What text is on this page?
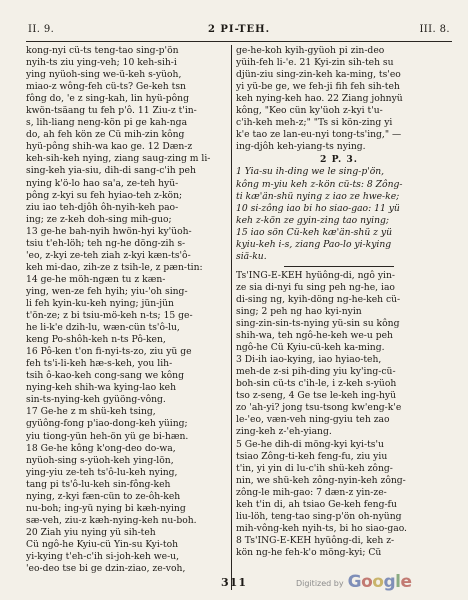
II. 9.	2 PI-TEH.	III. 8.
kong-nyi cü-ts teng-tao sing-p'ön
nyih-ts ziu ying-veh; 10 keh-sih-i
ying nyüoh-sing we-ü-keh s-yüoh,
miao-z wông-feh cü-ts? Ge-keh tsn
fông do, 'e z sing-kah, lin hyü-pông
kwön-tsäang tu feh p'ô. 11 Ziu-z t'in-
s, lih-liang neng-kön pi ge kah-nga
do, ah feh kön ze Cü mih-zin kông
hyü-pông shih-wa kao ge. 12 Dæn-z
keh-sih-keh nying, ziang saug-zing m li-
sing-keh yia-siu, dih-di sang-c'ih peh
nying k'ö-lo hao sa'a, ze-teh hyü-
pông z-kyi su feh hyiao-teh z-kön;
ziu iao teh-djôh ôh-nyih-keh pao-
ing; ze z-keh doh-sing mih-guo;
13 ge-he bah-nyih hwön-hyi ky'üoh-
tsiu t'eh-löh; teh ng-he döng-zih s-
'eo, z-kyi ze-teh ziah z-kyi kæn-ts'ô-
keh mi-dao, zih-ze z tsih-le, z pæn-tin:
14 ge-he möh-ngæn tu z kæn-
ying, wen-ze feh hyih; yiu-'oh sing-
li feh kyin-ku-keh nying; jün-jün
t'ön-ze; z bi tsiu-mö-keh n-ts; 15 ge-
he li-k'e dzih-lu, wæn-cün ts'ô-lu,
keng Po-shôh-keh n-ts Pô-ken,
16 Pô-ken t'on fi-nyi-ts-zo, ziu yü ge
feh ts'i-li-keh hæ-s-keh, you lih-
tsih ô-kao-keh cong-sang we kông
nying-keh shih-wa kying-lao keh
sin-ts-nying-keh gyüöng-vông.
17 Ge-he z m shü-keh tsing,
gyüông-fong p'iao-dong-keh yüing;
yiu tiong-yün heh-ön yü ge bi-hæn.
18 Ge-he kông k'ong-deo do-wa,
nyüoh-sing s-yüoh-keh ying-lön,
ying-yiu ze-teh ts'ô-lu-keh nying,
tang pi ts'ô-lu-keh sin-fông-keh
nying, z-kyi fæn-cün to ze-ôh-keh
nu-boh; ing-yü nying bi kæh-nying
sæ-veh, ziu-z kæh-nying-keh nu-boh.
20 Ziah yiu nying yü sih-teh
Cü ngô-he Kyiu-cü Yin-su Kyi-toh
yi-kying t'eh-c'ih si-joh-keh we-u,
'eo-deo tse bi ge dzin-ziao, ze-voh,
ge-he-koh kyih-gyüoh pi zin-deo
yüih-feh li-'e. 21 Kyi-zin sih-teh su
djün-ziu sing-zin-keh ka-ming, ts'eo
yi yü-be ge, we feh-ji fih feh sih-teh
keh nying-keh hao. 22 Ziang johnyü
kông, "Keo cün ky'üoh z-kyi t'u-
c'ih-keh meh-z;" "Ts si kön-zing yi
k'e tao ze lan-eu-nyi tong-ts'ing," —
ing-djôh keh-yiang-ts nying.
2 P. 3.
1 Yia-su ih-ding we le sing-p'ön,
kông m-yiu keh z-kön cü-ts: 8 Zông-
ti kæ'än-shü nying z iao ze hwe-ke;
10 si-zông iao bi ho siao-gao: 11 yü
keh z-kön ze gyin-zing tao nying;
15 iao sön Cü-keh kæ'än-shü z yü
kyiu-keh i-s, ziang Pao-lo yi-kying
siä-ku.
Ts'ING-E-KEH hyüông-di, ngô yin-
ze sia di-nyi fu sing peh ng-he, iao
di-sing ng, kyih-döng ng-he-keh cü-
sing; 2 peh ng hao kyi-nyin
sing-zin-sin-ts-nying yü-sin su kông
shih-wa, teh ngô-he-keh we-u peh
ngô-he Cü Kyiu-cü-keh ka-ming.
3 Di-ih iao-kying, iao hyiao-teh,
meh-de z-si pih-ding yiu ky'ing-cü-
boh-sin cü-ts c'ih-le, i z-keh s-yüoh
tso z-seng, 4 Ge tse le-keh ing-hyü
zo 'ah-yi? jong tsu-tsong kw'eng-k'e
le-'eo, væn-veh ning-gyiu teh zao
zing-keh z-'eh-yiang.
5 Ge-he dih-di möng-kyi kyi-ts'u
tsiao Zông-ti-keh feng-fu, ziu yiu
t'in, yi yin di lu-c'ih shü-keh zông-
nin, we shü-keh zông-nyin-keh zông-
zông-le mih-gao: 7 dæn-z yin-ze-
keh t'in di, ah tsiao Ge-keh feng-fu
liu-löh, teng-tao sing-p'ön oh-nyüng
mih-vông-keh nyih-ts, bi ho siao-gao.
8 Ts'ING-E-KEH hyüông-di, keh z-
kön ng-he feh-k'o möng-kyi; Cü
311	Digitized by Google
